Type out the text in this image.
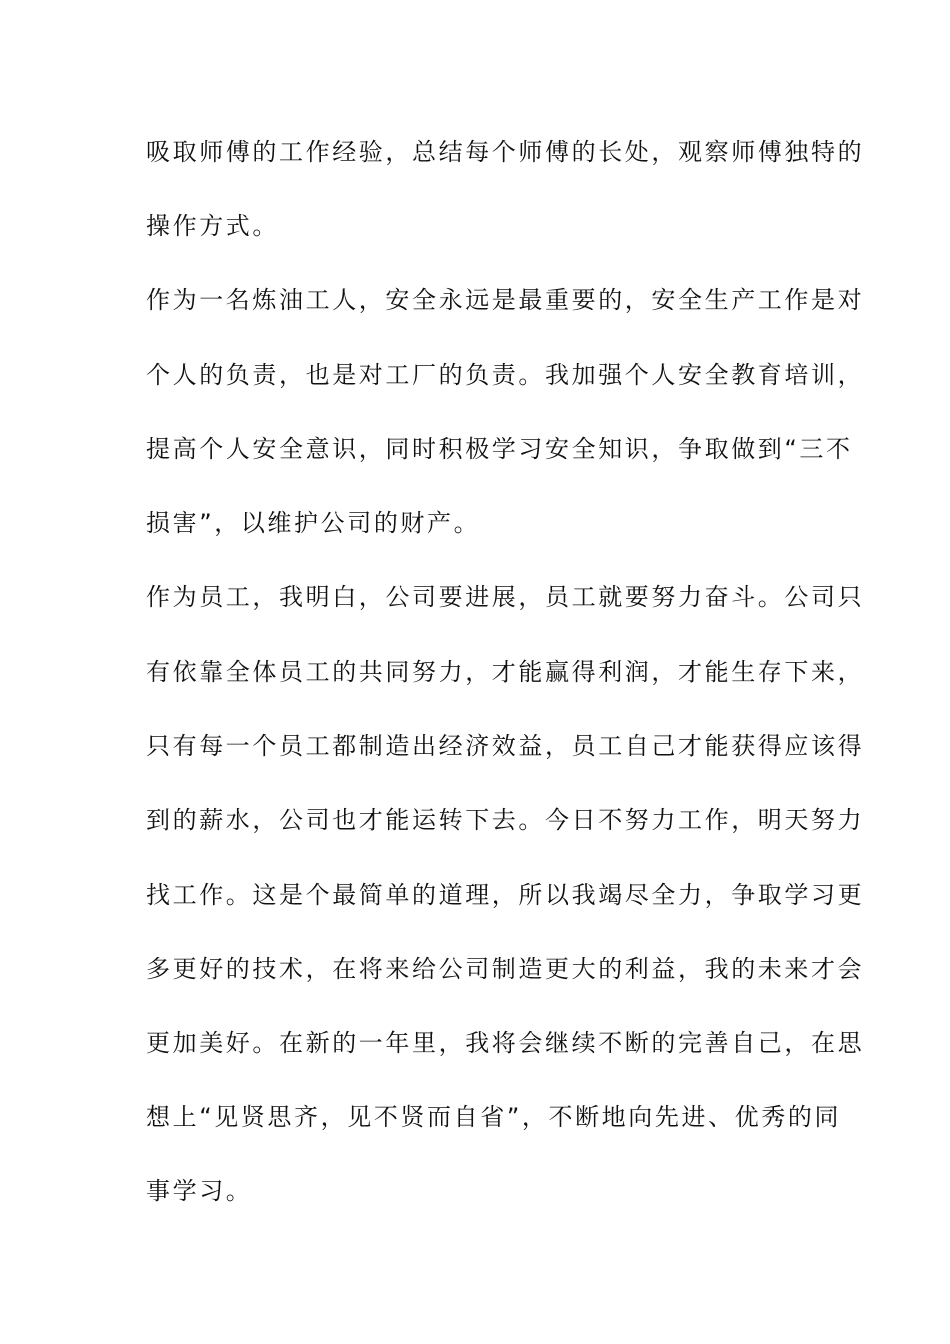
吸取师傅的工作经验，总结每个师傅的长处，观察师傅独特的
操作方式。
作为一名炼油工人，安全永远是最重要的，安全生产工作是对
个人的负责，也是对工厂的负责。我加强个人安全教育培训，
提高个人安全意识，同时积极学习安全知识，争取做到“三不
损害”，以维护公司的财产。
作为员工，我明白，公司要进展，员工就要努力奋斗。公司只
有依靠全体员工的共同努力，才能赢得利润，才能生存下来，
只有每一个员工都制造出经济效益，员工自己才能获得应该得
到的薪水，公司也才能运转下去。今日不努力工作，明天努力
找工作。这是个最简单的道理，所以我竭尽全力，争取学习更
多更好的技术，在将来给公司制造更大的利益，我的未来才会
更加美好。在新的一年里，我将会继续不断的完善自己，在思
想上“见贤思齐，见不贤而自省”，不断地向先进、优秀的同
事学习。
